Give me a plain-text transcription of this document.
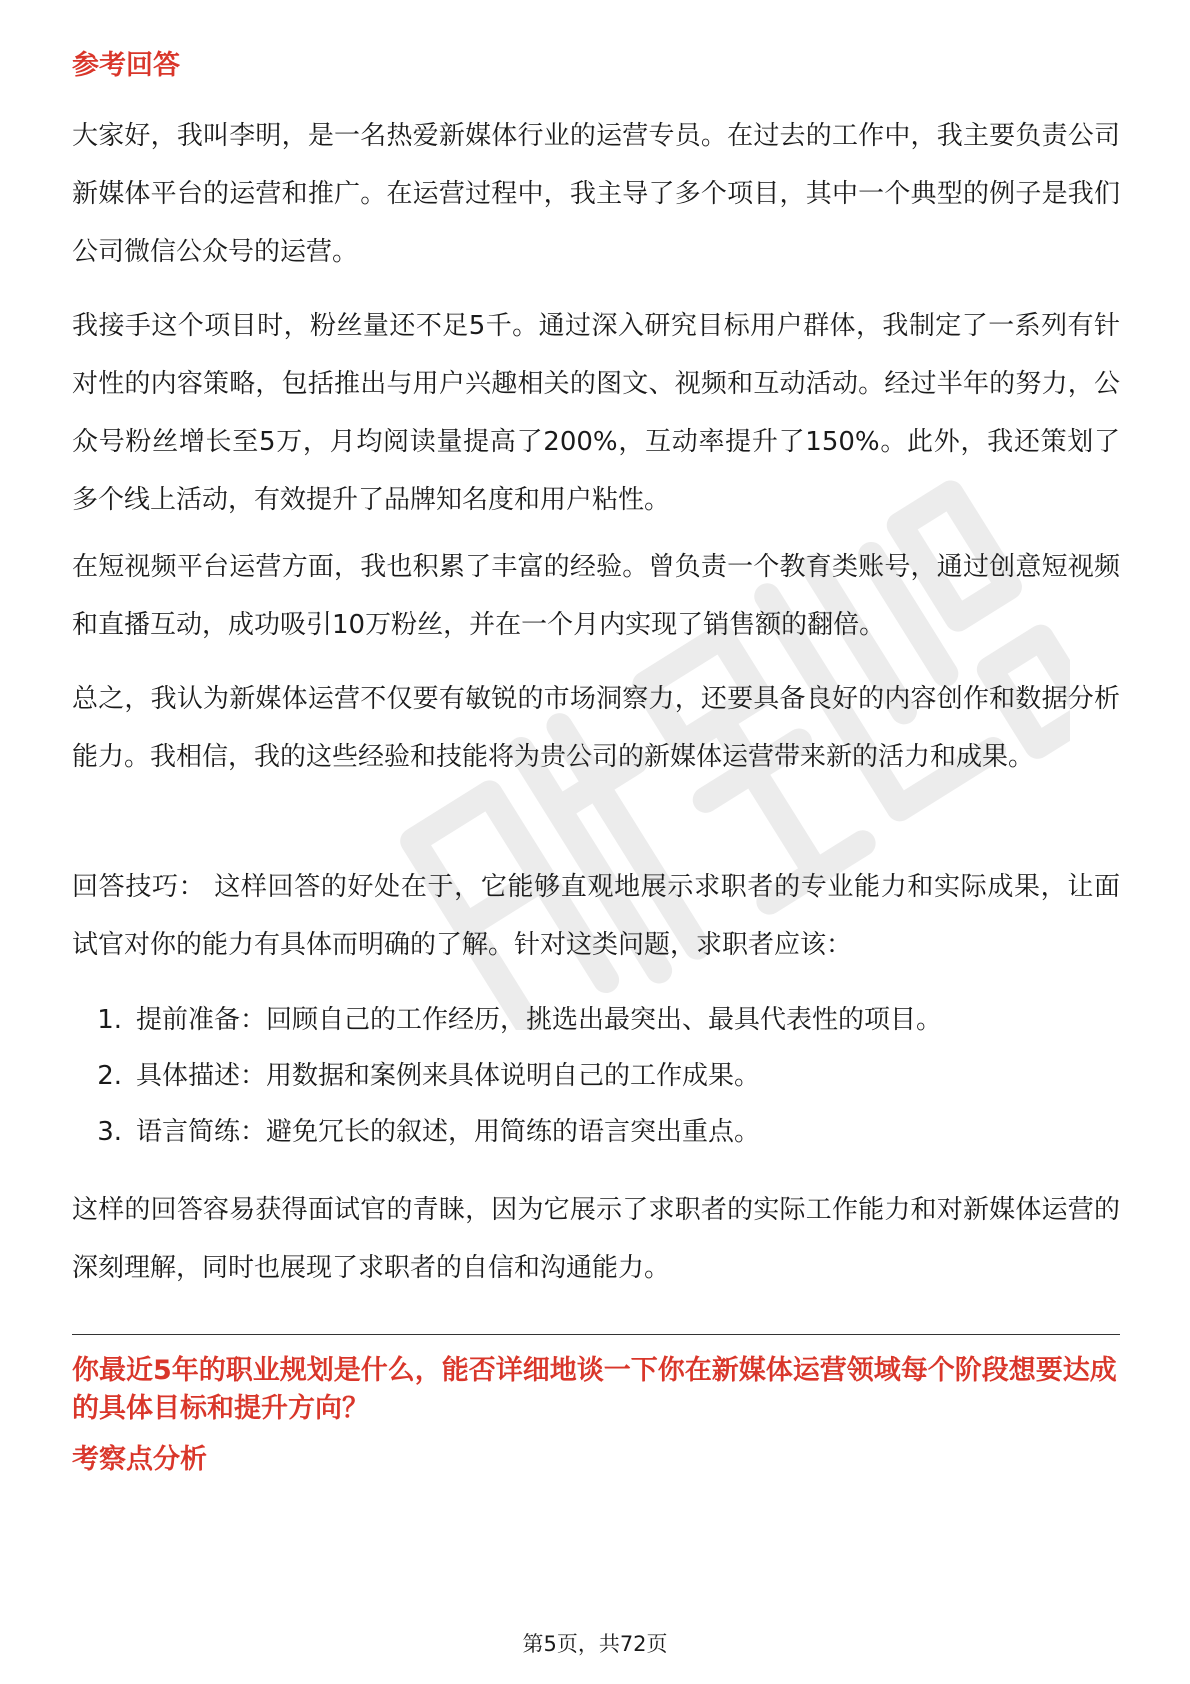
参考回答

大家好，我叫李明，是一名热爱新媒体行业的运营专员。在过去的工作中，我主要负责公司新媒体平台的运营和推广。在运营过程中，我主导了多个项目，其中一个典型的例子是我们公司微信公众号的运营。

我接手这个项目时，粉丝量还不足5千。通过深入研究目标用户群体，我制定了一系列有针对性的内容策略，包括推出与用户兴趣相关的图文、视频和互动活动。经过半年的努力，公众号粉丝增长至5万，月均阅读量提高了200%，互动率提升了150%。此外，我还策划了多个线上活动，有效提升了品牌知名度和用户粘性。

在短视频平台运营方面，我也积累了丰富的经验。曾负责一个教育类账号，通过创意短视频和直播互动，成功吸引10万粉丝，并在一个月内实现了销售额的翻倍。

总之，我认为新媒体运营不仅要有敏锐的市场洞察力，还要具备良好的内容创作和数据分析能力。我相信，我的这些经验和技能将为贵公司的新媒体运营带来新的活力和成果。

回答技巧： 这样回答的好处在于，它能够直观地展示求职者的专业能力和实际成果，让面试官对你的能力有具体而明确的了解。针对这类问题，求职者应该：

1. 提前准备：回顾自己的工作经历，挑选出最突出、最具代表性的项目。
2. 具体描述：用数据和案例来具体说明自己的工作成果。
3. 语言简练：避免冗长的叙述，用简练的语言突出重点。

这样的回答容易获得面试官的青睐，因为它展示了求职者的实际工作能力和对新媒体运营的深刻理解，同时也展现了求职者的自信和沟通能力。

你最近5年的职业规划是什么，能否详细地谈一下你在新媒体运营领域每个阶段想要达成的具体目标和提升方向？

考察点分析
第5页，共72页
